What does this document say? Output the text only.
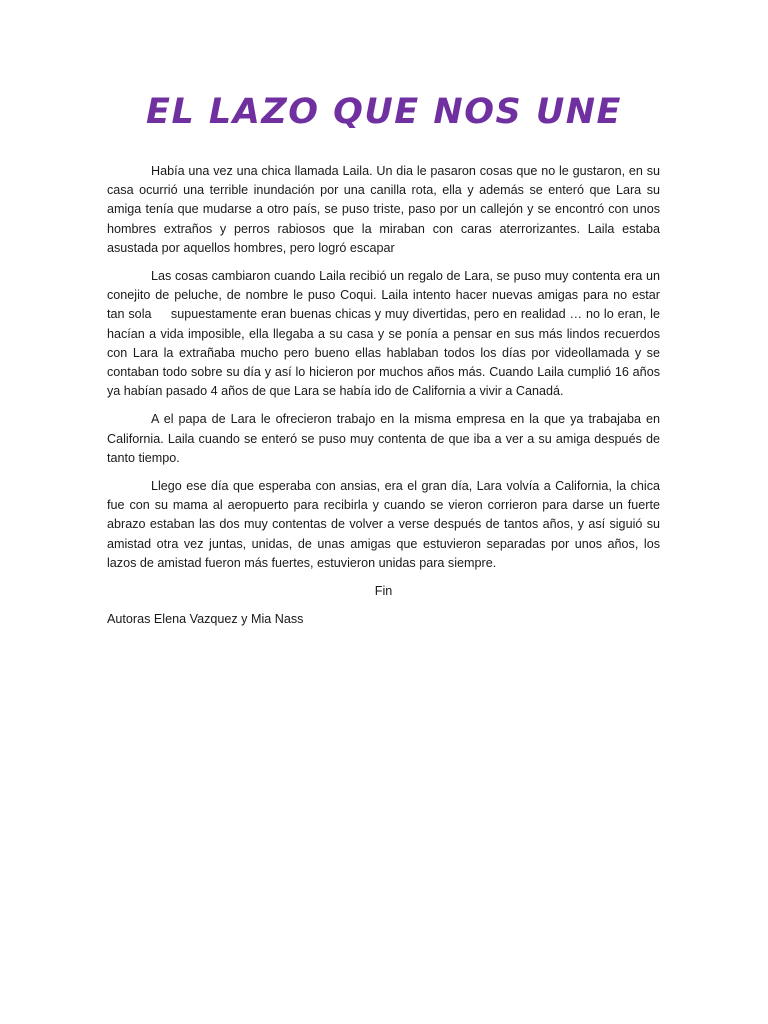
EL LAZO QUE NOS UNE

Había una vez una chica llamada Laila. Un dia le pasaron cosas que no le gustaron, en su casa ocurrió una terrible inundación por una canilla rota, ella y además se enteró que Lara su amiga tenía que mudarse a otro país, se puso triste, paso por un callejón y se encontró con unos hombres extraños y perros rabiosos que la miraban con caras aterrorizantes. Laila estaba asustada por aquellos hombres, pero logró escapar

Las cosas cambiaron cuando Laila recibió un regalo de Lara, se puso muy contenta era un conejito de peluche, de nombre le puso Coqui. Laila intento hacer nuevas amigas para no estar tan sola     supuestamente eran buenas chicas y muy divertidas, pero en realidad … no lo eran, le hacían a vida imposible, ella llegaba a su casa y se ponía a pensar en sus más lindos recuerdos con Lara la extrañaba mucho pero bueno ellas hablaban todos los días por videollamada y se contaban todo sobre su día y así lo hicieron por muchos años más. Cuando Laila cumplió 16 años ya habían pasado 4 años de que Lara se había ido de California a vivir a Canadá.

A el papa de Lara le ofrecieron trabajo en la misma empresa en la que ya trabajaba en California. Laila cuando se enteró se puso muy contenta de que iba a ver a su amiga después de tanto tiempo.

Llego ese día que esperaba con ansias, era el gran día, Lara volvía a California, la chica fue con su mama al aeropuerto para recibirla y cuando se vieron corrieron para darse un fuerte abrazo estaban las dos muy contentas de volver a verse después de tantos años, y así siguió su amistad otra vez juntas, unidas, de unas amigas que estuvieron separadas por unos años, los lazos de amistad fueron más fuertes, estuvieron unidas para siempre.

Fin

Autoras Elena Vazquez y Mia Nass
